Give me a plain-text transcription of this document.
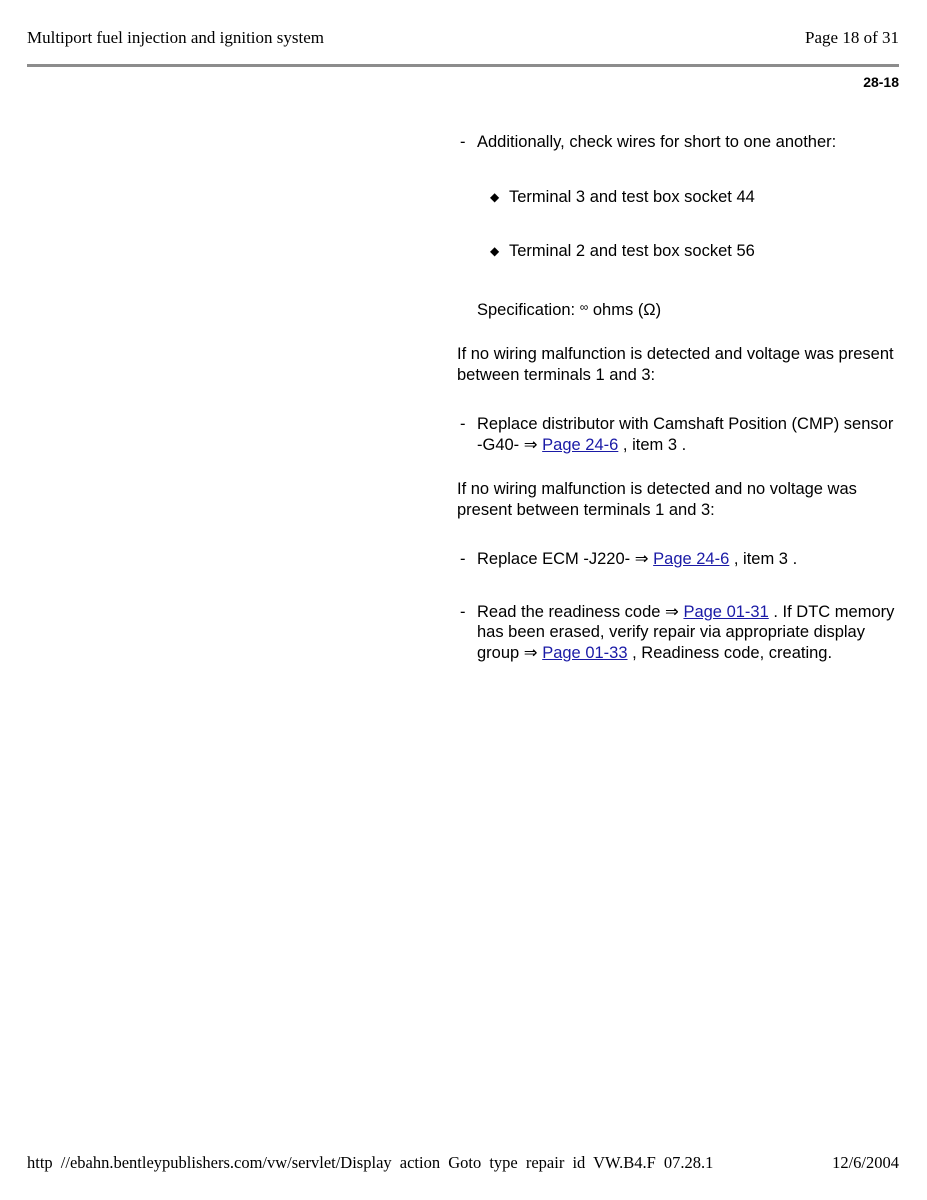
Multiport fuel injection and ignition system	Page 18 of 31
28-18
- Additionally, check wires for short to one another:
◆ Terminal 3 and test box socket 44
◆ Terminal 2 and test box socket 56
Specification: ∞ ohms (Ω)
If no wiring malfunction is detected and voltage was present between terminals 1 and 3:
- Replace distributor with Camshaft Position (CMP) sensor -G40- ⇒ Page 24-6 , item 3 .
If no wiring malfunction is detected and no voltage was present between terminals 1 and 3:
- Replace ECM -J220- ⇒ Page 24-6 , item 3 .
- Read the readiness code ⇒ Page 01-31 . If DTC memory has been erased, verify repair via appropriate display group ⇒ Page 01-33 , Readiness code, creating.
http //ebahn.bentleypublishers.com/vw/servlet/Display action Goto type repair id VW.B4.F 07.28.1	12/6/2004
